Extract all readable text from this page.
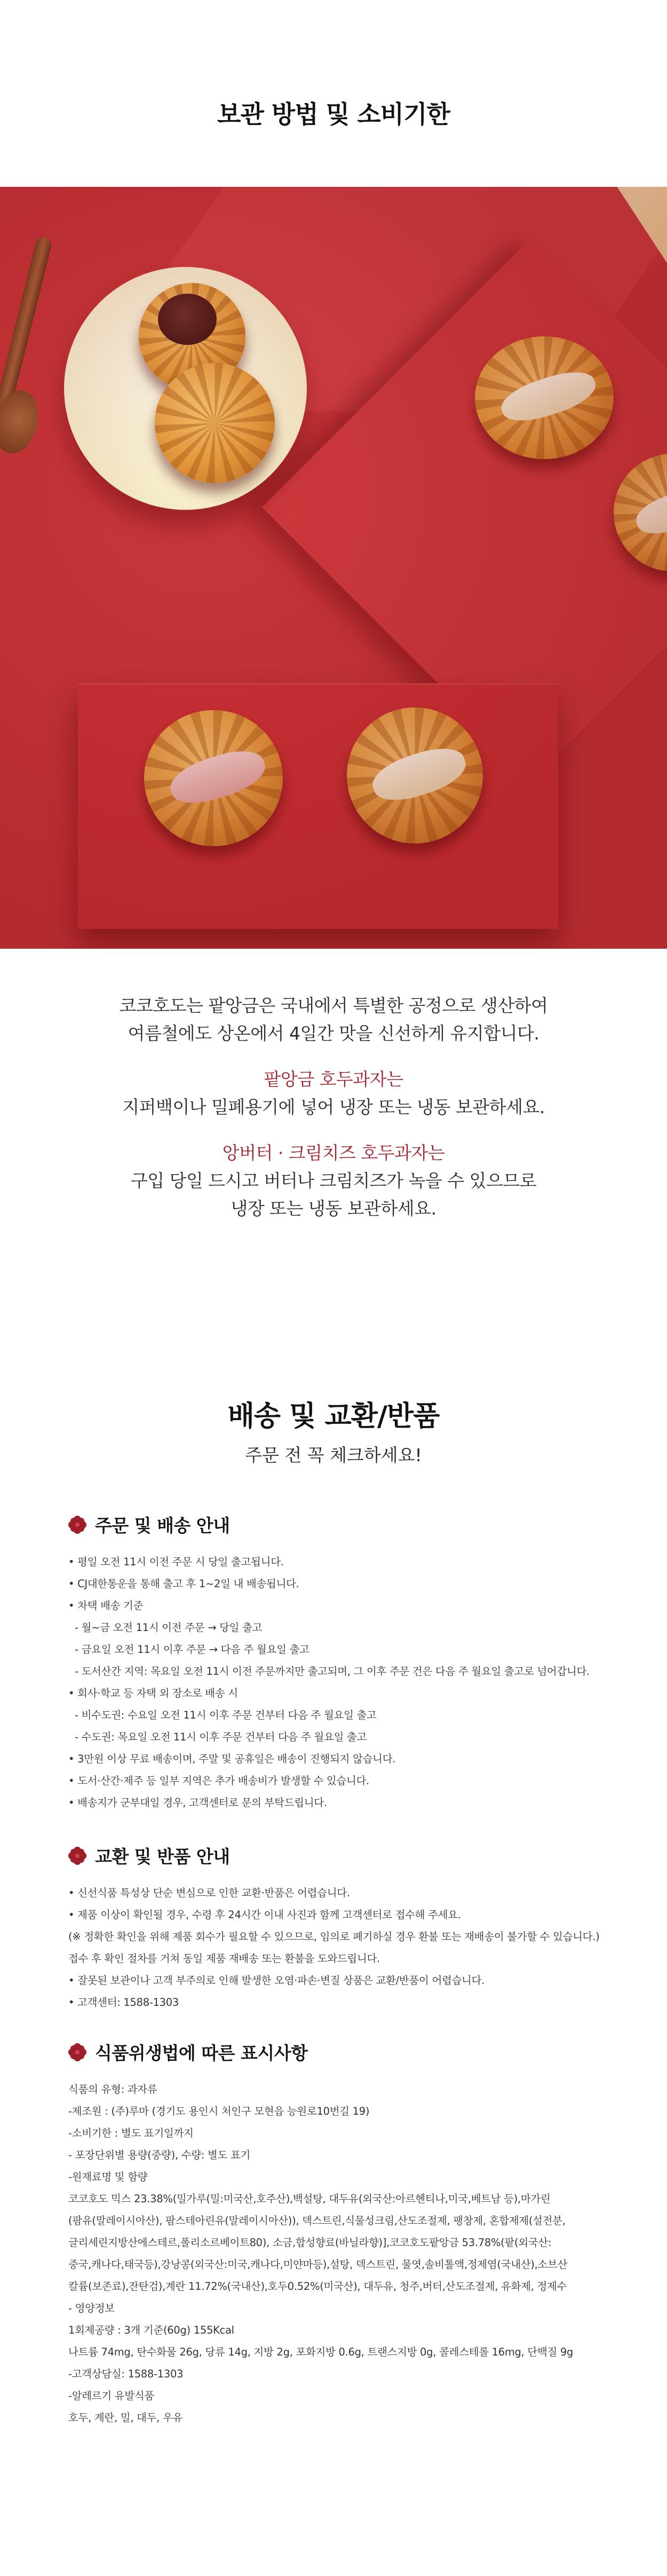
보관 방법 및 소비기한

코코호도는 팥앙금은 국내에서 특별한 공정으로 생산하여

여름철에도 상온에서 4일간 맛을 신선하게 유지합니다.

팥앙금 호두과자는

지퍼백이나 밀폐용기에 넣어 냉장 또는 냉동 보관하세요.

앙버터 · 크림치즈 호두과자는

구입 당일 드시고 버터나 크림치즈가 녹을 수 있으므로

냉장 또는 냉동 보관하세요.

배송 및 교환/반품

주문 전 꼭 체크하세요!

주문 및 배송 안내
• 평일 오전 11시 이전 주문 시 당일 출고됩니다.
• CJ대한통운을 통해 출고 후 1~2일 내 배송됩니다.
• 차택 배송 기준
- 월~금 오전 11시 이전 주문 → 당일 출고
- 금요일 오전 11시 이후 주문 → 다음 주 월요일 출고
- 도서산간 지역: 목요일 오전 11시 이전 주문까지만 출고되며, 그 이후 주문 건은 다음 주 월요일 출고로 넘어갑니다.
• 회사·학교 등 자택 외 장소로 배송 시
- 비수도권: 수요일 오전 11시 이후 주문 건부터 다음 주 월요일 출고
- 수도권: 목요일 오전 11시 이후 주문 건부터 다음 주 월요일 출고
• 3만원 이상 무료 배송이며, 주말 및 공휴일은 배송이 진행되지 않습니다.
• 도서·산간·제주 등 일부 지역은 추가 배송비가 발생할 수 있습니다.
• 배송지가 군부대일 경우, 고객센터로 문의 부탁드립니다.
교환 및 반품 안내
• 신선식품 특성상 단순 변심으로 인한 교환·반품은 어렵습니다.
• 제품 이상이 확인될 경우, 수령 후 24시간 이내 사진과 함께 고객센터로 접수해 주세요.
(※ 정확한 확인을 위해 제품 회수가 필요할 수 있으므로, 임의로 폐기하실 경우 환불 또는 재배송이 불가할 수 있습니다.)
접수 후 확인 절차를 거쳐 동일 제품 재배송 또는 환불을 도와드립니다.
• 잘못된 보관이나 고객 부주의로 인해 발생한 오염·파손·변질 상품은 교환/반품이 어렵습니다.
• 고객센터: 1588-1303
식품위생법에 따른 표시사항
식품의 유형: 과자류
-제조원 : (주)루마 (경기도 용인시 처인구 모현읍 능원로10번길 19)
-소비기한 : 별도 표기일까지
- 포장단위별 용량(중량), 수량: 별도 표기
-원재료명 및 함량
코코호도 믹스 23.38%(밀가루(밀:미국산,호주산),백설탕, 대두유(외국산:아르헨티나,미국,베트남 등),마가린
(팜유(말레이시아산), 팜스테아린유(말레이시아산)), 덱스트린,식물성크림,산도조절제, 팽창제, 혼합제제(설전분,
글리세린지방산에스테르,폴리소르베이트80), 소금,합성향료(바닐라향)],코코호도팥앙금 53.78%(팥(외국산:
중국,캐나다,태국등),강낭콩(외국산:미국,캐나다,미얀마등),설탕, 덱스트린, 물엿,솔비톨액,정제염(국내산),소브산
칼륨(보존료),잔탄검),계란 11.72%(국내산),호두0.52%(미국산), 대두유, 청주,버터,산도조절제, 유화제, 정제수
- 영양정보
1회제공량 : 3개 기준(60g) 155Kcal
나트륨 74mg, 탄수화물 26g, 당류 14g, 지방 2g, 포화지방 0.6g, 트랜스지방 0g, 콜레스테롤 16mg, 단백질 9g
-고객상담실: 1588-1303
-알레르기 유발식품
호두, 계란, 밀, 대두, 우유
